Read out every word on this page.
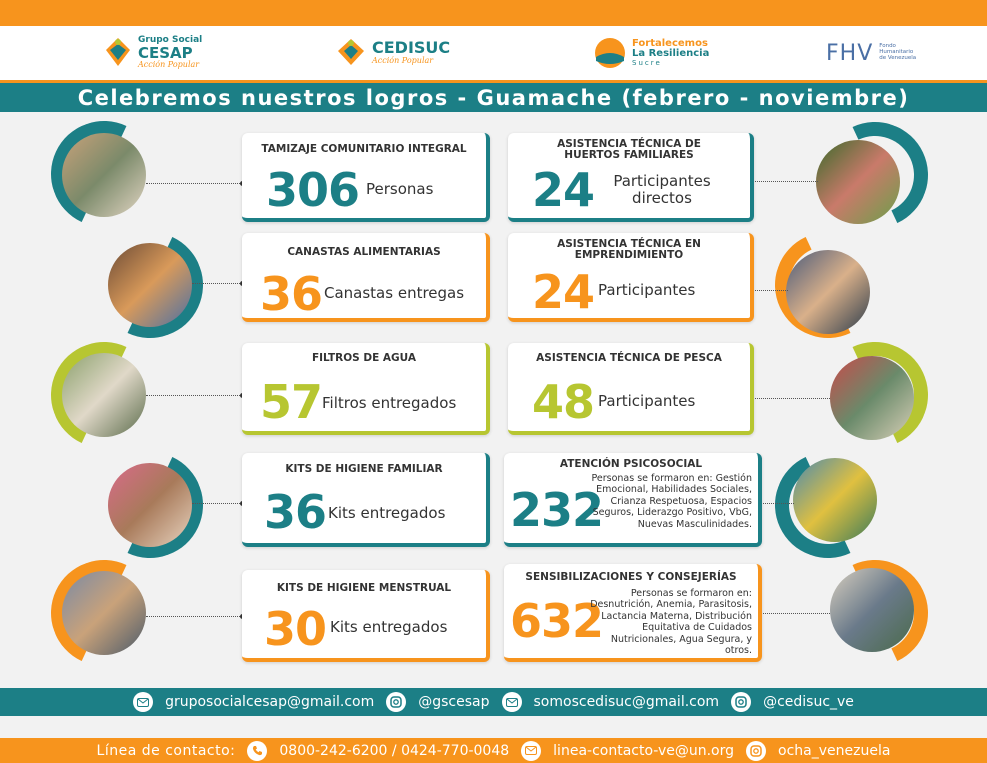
Grupo Social
CESAP
Acción Popular
CEDISUC
Acción Popular
Fortalecemos
La Resiliencia
Sucre	FHV Fondo
Humanitario
de Venezuela
Celebremos nuestros logros - Guamache (febrero - noviembre)
TAMIZAJE COMUNITARIO INTEGRAL
306 Personas
ASISTENCIA TÉCNICA DE HUERTOS FAMILIARES
24	Participantes directos
CANASTAS ALIMENTARIAS
36 Canastas entregas
ASISTENCIA TÉCNICA EN EMPRENDIMIENTO
24 Participantes
FILTROS DE AGUA
57 Filtros entregados
ASISTENCIA TÉCNICA DE PESCA
48 Participantes
KITS DE HIGIENE FAMILIAR
36 Kits entregados
ATENCIÓN PSICOSOCIAL
232
Personas se formaron en: Gestión Emocional, Habilidades Sociales, Crianza Respetuosa, Espacios Seguros, Liderazgo Positivo, VbG, Nuevas Masculinidades.
KITS DE HIGIENE MENSTRUAL
30 Kits entregados
SENSIBILIZACIONES Y CONSEJERÍAS
632
Personas se formaron en: Desnutrición, Anemia, Parasitosis, Lactancia Materna, Distribución Equitativa de Cuidados Nutricionales, Agua Segura, y otros.
gruposocialcesap@gmail.com	@gscesap	somoscedisuc@gmail.com	@cedisuc_ve
Línea de contacto:	0800-242-6200 / 0424-770-0048	linea-contacto-ve@un.org	ocha_venezuela
